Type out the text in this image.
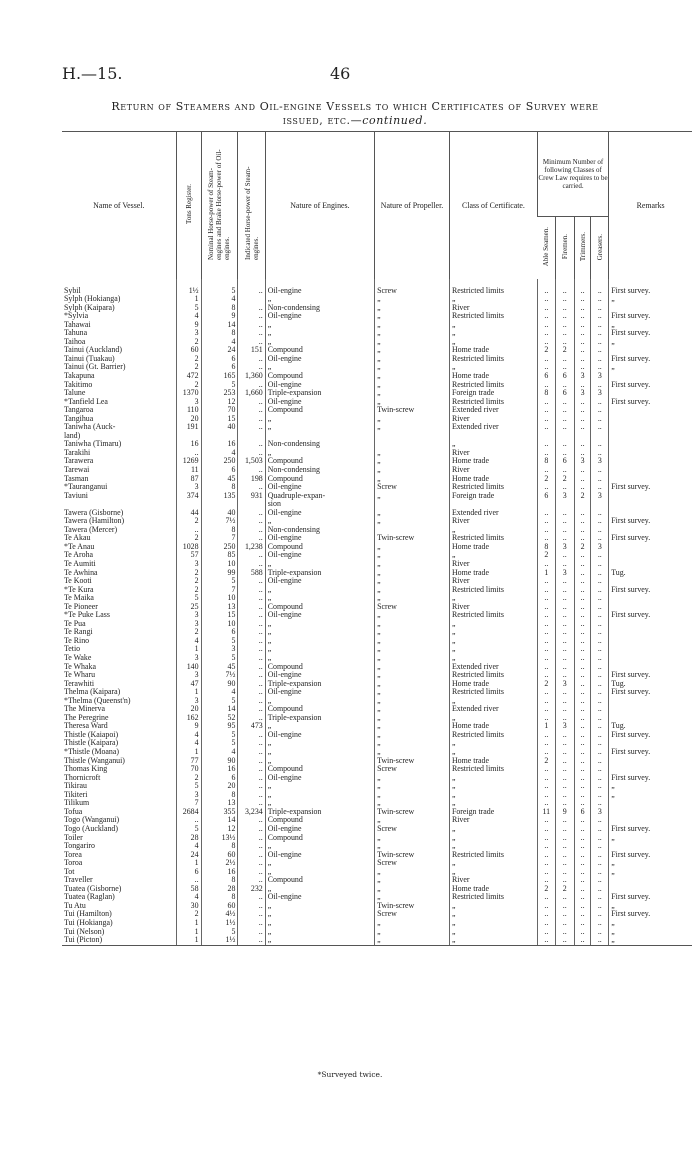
H.—15.	46
Return of Steamers and Oil-engine Vessels to which Certificates of Survey were
issued, etc.—continued.
Name of Vessel.	Tons Register.	Nominal Horse-power of Steam-engines and Brake Horse-power of Oil-engines.	Indicated Horse-power of Steam-engines.	Nature of Engines.	Nature of Propeller.	Class of Certificate.	Minimum Number of following Classes of Crew Law requires to be carried.				Remarks
							Able Seamen.	Firemen.	Trimmers.	Greasers.	

Sybil	1½	5	..	Oil-engine	Screw	Restricted limits	..	..	..	..	First survey.
Sylph (Hokianga)	1	4		„	„	„	..	..	..	..	„
Sylph (Kaipara)	5	8	..	Non-condensing	„	River	..	..	..	..	
*Sylvia	4	9	..	Oil-engine	„	Restricted limits	..	..	..	..	First survey.
Tahawai	9	14	..	„	„	„	..	..	..	..	„
Tahuna	3	8	..	„	„	„	..	..	..	..	First survey.
Taihoa	2	4	..	„	„	„	..	..	..	..	„
Tainui (Auckland)	60	24	151	Compound	„	Home trade	2	2	..	..	
Tainui (Tuakau)	2	6	..	Oil-engine	„	Restricted limits	..	..	..	..	First survey.
Tainui (Gt. Barrier)	2	6	..	„	„	„	..	..	..	..	„
Takapuna	472	165	1,360	Compound	„	Home trade	6	6	3	3	
Takitimo	2	5	..	Oil-engine	„	Restricted limits	..	..	..	..	First survey.
Talune	1370	253	1,660	Triple-expansion	„	Foreign trade	8	6	3	3	
*Tanfield Lea	3	12	..	Oil-engine	„	Restricted limits	..	..	..	..	First survey.
Tangaroa	110	70	..	Compound	Twin-screw	Extended river	..	..	..	..	
Tangihua	20	15	..	„	„	River	..	..	..	..	
Taniwha (Auck-	191	40	..	„	„	Extended river	..	..	..	..	
land)											
Taniwha (Timaru)	16	16	..	Non-condensing		„	..	..	..	..	
Tarakihi	..	4	..	„	„	River	..	..	..	..	
Tarawera	1269	250	1,503	Compound	„	Home trade	8	6	3	3	
Tarewai	11	6	..	Non-condensing	„	River	..	..	..	..	
Tasman	87	45	198	Compound	„	Home trade	2	2	..	..	
*Tauranganui	3	8	..	Oil-engine	Screw	Restricted limits	..	..	..	..	First survey.
Taviuni	374	135	931	Quadruple-expan-	„	Foreign trade	6	3	2	3	
				sion							
Tawera (Gisborne)	44	40	..	Oil-engine	„	Extended river	..	..	..	..	
Tawera (Hamilton)	2	7½	..	„	„	River	..	..	..	..	First survey.
Tawera (Mercer)	..	8	..	Non-condensing		„	..	..	..	..	
Te Akau	2	7	..	Oil-engine	Twin-screw	Restricted limits	..	..	..	..	First survey.
*Te Anau	1028	250	1,238	Compound	„	Home trade	8	3	2	3	
Te Aroha	57	85	..	Oil-engine	„	„	2	..	..	..	
Te Aumiti	3	10	..	„	„	River	..	..	..	..	
Te Awhina	2	99	588	Triple-expansion	„	Home trade	1	3	..	..	Tug.
Te Kooti	2	5	..	Oil-engine	„	River	..	..	..	..	
*Te Kura	2	7	..	„	„	Restricted limits	..	..	..	..	First survey.
Te Maika	5	10	..	„	„	„	..	..	..	..	
Te Pioneer	25	13	..	Compound	Screw	River	..	..	..	..	
*Te Puke Lass	3	15	..	Oil-engine	„	Restricted limits	..	..	..	..	First survey.
Te Pua	3	10	..	„	„	„	..	..	..	..	
Te Rangi	2	6	..	„	„	„	..	..	..	..	
Te Rino	4	5	..	„	„	„	..	..	..	..	
Tetio	1	3	..	„	„	„	..	..	..	..	
Te Wake	3	5	..	„	„	„	..	..	..	..	
Te Whaka	140	45	..	Compound	„	Extended river	..	..	..	..	
Te Wharu	3	7½	..	Oil-engine	„	Restricted limits	..	..	..	..	First survey.
Terawhiti	47	90	..	Triple-expansion	„	Home trade	2	3	..	..	Tug.
Thelma (Kaipara)	1	4	..	Oil-engine	„	Restricted limits	..	..	..	..	First survey.
*Thelma (Queenst'n)	3	5	..	„	„	„	..	..	..	..	
The Minerva	20	14	..	Compound	„	Extended river	..	..	..	..	
The Peregrine	162	52	..	Triple-expansion	„	„	..	..	..	..	
Theresa Ward	9	95	473	„	„	Home trade	1	3	..	..	Tug.
Thistle (Kaiapoi)	4	5	..	Oil-engine	„	Restricted limits	..	..	..	..	First survey.
Thistle (Kaipara)	4	5	..	„	„	„	..	..	..	..	
*Thistle (Moana)	1	4	..	„	„	„	..	..	..	..	First survey.
Thistle (Wanganui)	77	90	..	„	Twin-screw	Home trade	2	..	..	..	
Thomas King	70	16	..	Compound	Screw	Restricted limits	..	..	..	..	
Thornicroft	2	6	..	Oil-engine	„	„	..	..	..	..	First survey.
Tikirau	5	20	..	„	„	„	..	..	..	..	„
Tikiteri	3	8	..	„	„	„	..	..	..	..	„
Tilikum	7	13	..	„	„	„	..	..	..	..	
Tofua	2684	355	3,234	Triple-expansion	Twin-screw	Foreign trade	11	9	6	3	
Togo (Wanganui)	..	14	..	Compound	„	River	..	..	..	..	
Togo (Auckland)	5	12	..	Oil-engine	Screw	„	..	..	..	..	First survey.
Toiler	28	13½	..	Compound	„	„	..	..	..	..	„
Tongariro	4	8	..	„	„	„	..	..	..	..	
Torea	24	60	..	Oil-engine	Twin-screw	Restricted limits	..	..	..	..	First survey.
Toroa	1	2½	..	„	Screw	„	..	..	..	..	„
Tot	6	16	..	„	„	„	..	..	..	..	„
Traveller	..	8	..	Compound	„	River	..	..	..	..	
Tuatea (Gisborne)	58	28	232	„	„	Home trade	2	2	..	..	
Tuatea (Raglan)	4	8	..	Oil-engine	„	Restricted limits	..	..	..	..	First survey.
Tu Atu	30	60	..	„	Twin-screw	„	..	..	..	..	„
Tui (Hamilton)	2	4½	..	„	Screw	„	..	..	..	..	First survey.
Tui (Hokianga)	1	1½	..	„	„	„	..	..	..	..	„
Tui (Nelson)	1	5	..	„	„	„	..	..	..	..	„
Tui (Picton)	1	1½	..	„	„	„	..	..	..	..	„
*Surveyed twice.
